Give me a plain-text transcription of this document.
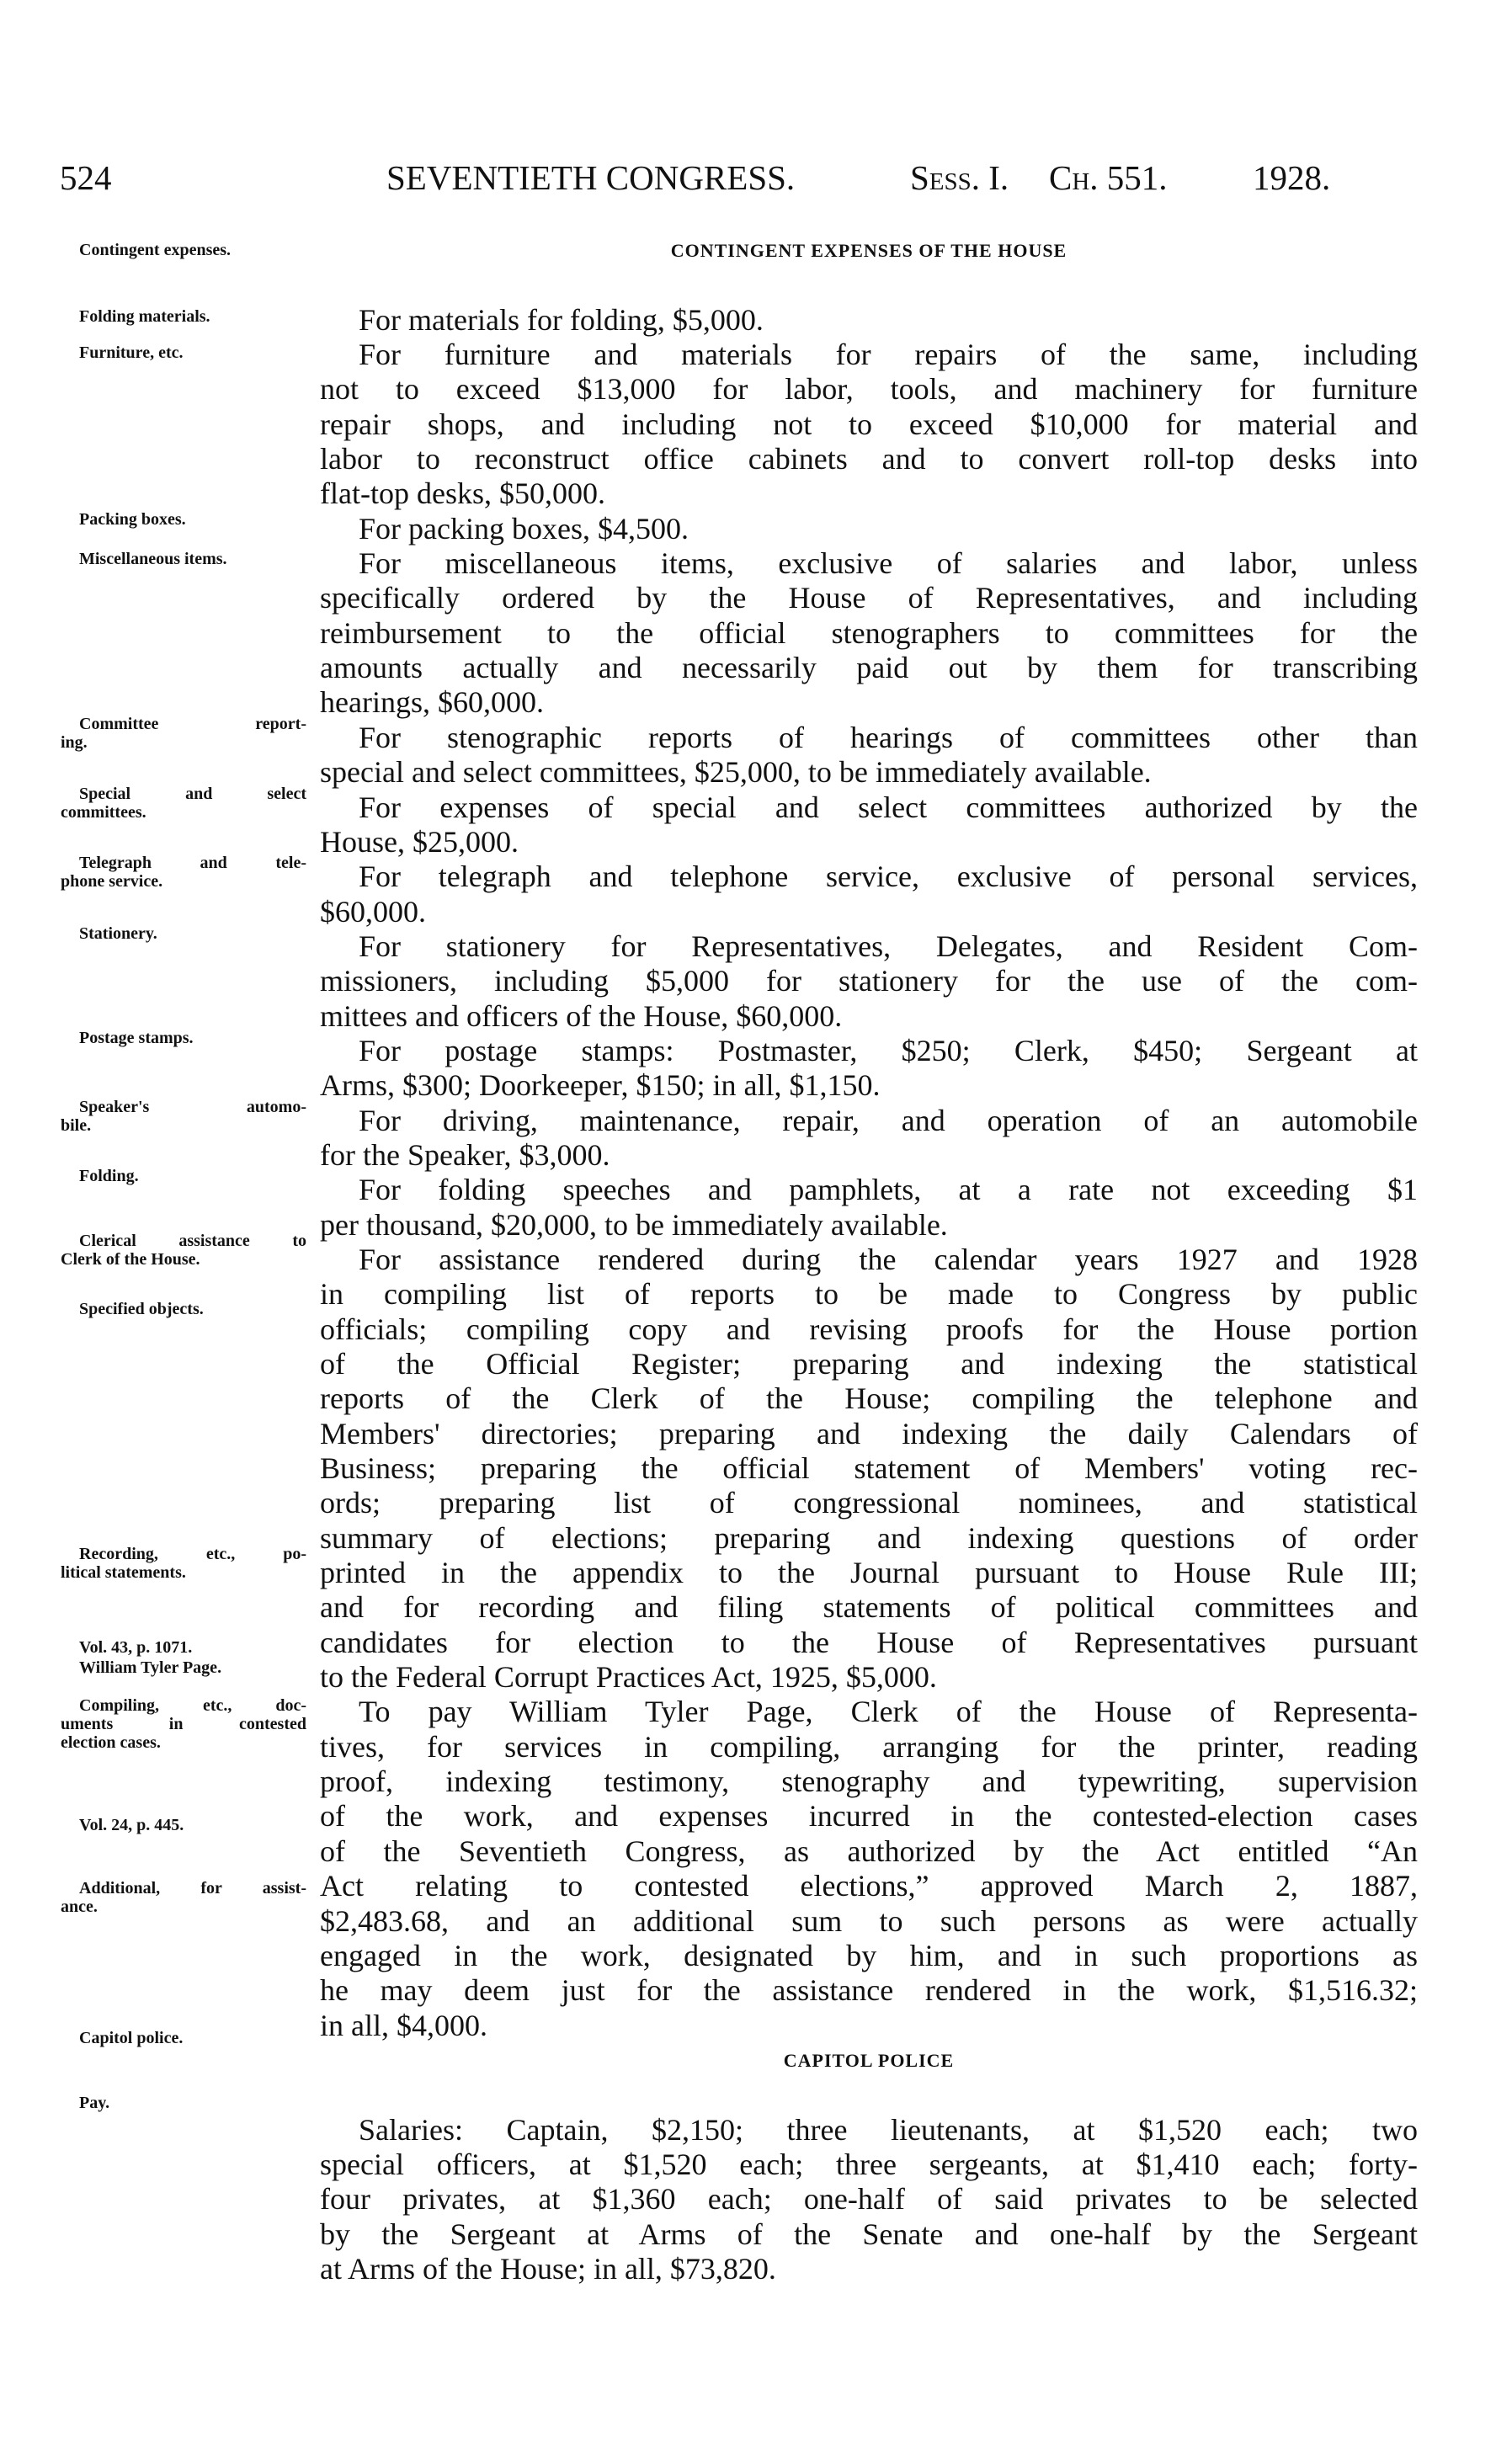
524	SEVENTIETH CONGRESS.	Sess. I. Ch. 551. 1928.
CONTINGENT EXPENSES OF THE HOUSE
For materials for folding, $5,000.
For furniture and materials for repairs of the same, including
not to exceed $13,000 for labor, tools, and machinery for furniture
repair shops, and including not to exceed $10,000 for material and
labor to reconstruct office cabinets and to convert roll-top desks into
flat-top desks, $50,000.
For packing boxes, $4,500.
For miscellaneous items, exclusive of salaries and labor, unless
specifically ordered by the House of Representatives, and including
reimbursement to the official stenographers to committees for the
amounts actually and necessarily paid out by them for transcribing
hearings, $60,000.
For stenographic reports of hearings of committees other than
special and select committees, $25,000, to be immediately available.
For expenses of special and select committees authorized by the
House, $25,000.
For telegraph and telephone service, exclusive of personal services,
$60,000.
For stationery for Representatives, Delegates, and Resident Com-
missioners, including $5,000 for stationery for the use of the com-
mittees and officers of the House, $60,000.
For postage stamps: Postmaster, $250; Clerk, $450; Sergeant at
Arms, $300; Doorkeeper, $150; in all, $1,150.
For driving, maintenance, repair, and operation of an automobile
for the Speaker, $3,000.
For folding speeches and pamphlets, at a rate not exceeding $1
per thousand, $20,000, to be immediately available.
For assistance rendered during the calendar years 1927 and 1928
in compiling list of reports to be made to Congress by public
officials; compiling copy and revising proofs for the House portion
of the Official Register; preparing and indexing the statistical
reports of the Clerk of the House; compiling the telephone and
Members' directories; preparing and indexing the daily Calendars of
Business; preparing the official statement of Members' voting rec-
ords; preparing list of congressional nominees, and statistical
summary of elections; preparing and indexing questions of order
printed in the appendix to the Journal pursuant to House Rule III;
and for recording and filing statements of political committees and
candidates for election to the House of Representatives pursuant
to the Federal Corrupt Practices Act, 1925, $5,000.
To pay William Tyler Page, Clerk of the House of Representa-
tives, for services in compiling, arranging for the printer, reading
proof, indexing testimony, stenography and typewriting, supervision
of the work, and expenses incurred in the contested-election cases
of the Seventieth Congress, as authorized by the Act entitled “An
Act relating to contested elections,” approved March 2, 1887,
$2,483.68, and an additional sum to such persons as were actually
engaged in the work, designated by him, and in such proportions as
he may deem just for the assistance rendered in the work, $1,516.32;
in all, $4,000.
CAPITOL POLICE
Salaries: Captain, $2,150; three lieutenants, at $1,520 each; two
special officers, at $1,520 each; three sergeants, at $1,410 each; forty-
four privates, at $1,360 each; one-half of said privates to be selected
by the Sergeant at Arms of the Senate and one-half by the Sergeant
at Arms of the House; in all, $73,820.
Contingent expenses.
Folding materials.
Furniture, etc.
Packing boxes.
Miscellaneous items.
Committee report-
ing.
Special and select
committees.
Telegraph and tele-
phone service.
Stationery.
Postage stamps.
Speaker's automo-
bile.
Folding.
Clerical assistance to
Clerk of the House.
Specified objects.
Recording, etc., po-
litical statements.
Vol. 43, p. 1071.
William Tyler Page.
Compiling, etc., doc-
uments in contested
election cases.
Vol. 24, p. 445.
Additional, for assist-
ance.
Capitol police.
Pay.
